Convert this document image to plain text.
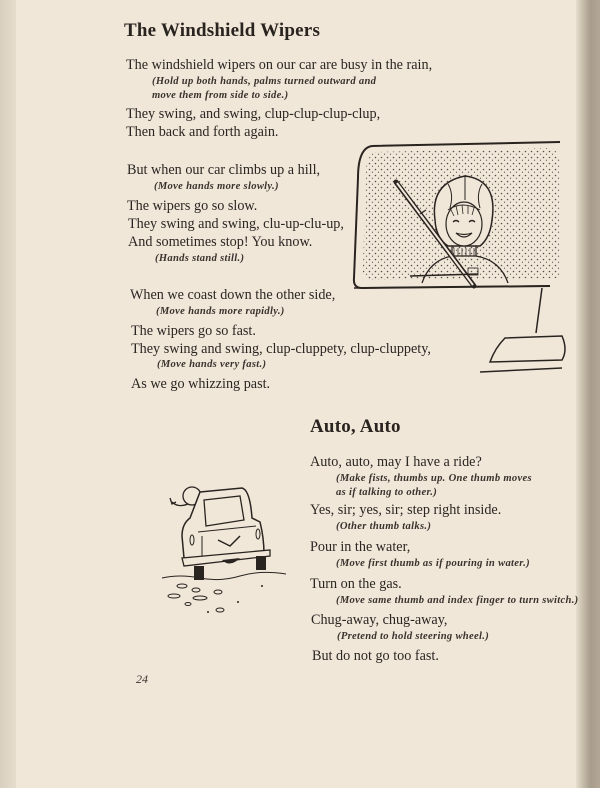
The Windshield Wipers
The windshield wipers on our car are busy in the rain,
(Hold up both hands, palms turned outward and
move them from side to side.)
They swing, and swing, clup-clup-clup-clup,
Then back and forth again.
But when our car climbs up a hill,
(Move hands more slowly.)
The wipers go so slow.
They swing and swing, clu-up-clu-up,
And sometimes stop! You know.
(Hands stand still.)
When we coast down the other side,
(Move hands more rapidly.)
The wipers go so fast.
They swing and swing, clup-cluppety, clup-cluppety,
(Move hands very fast.)
As we go whizzing past.
Auto, Auto
Auto, auto, may I have a ride?
(Make fists, thumbs up. One thumb moves
as if talking to other.)
Yes, sir; yes, sir; step right inside.
(Other thumb talks.)
Pour in the water,
(Move first thumb as if pouring in water.)
Turn on the gas.
(Move same thumb and index finger to turn switch.)
Chug-away, chug-away,
(Pretend to hold steering wheel.)
But do not go too fast.
24
